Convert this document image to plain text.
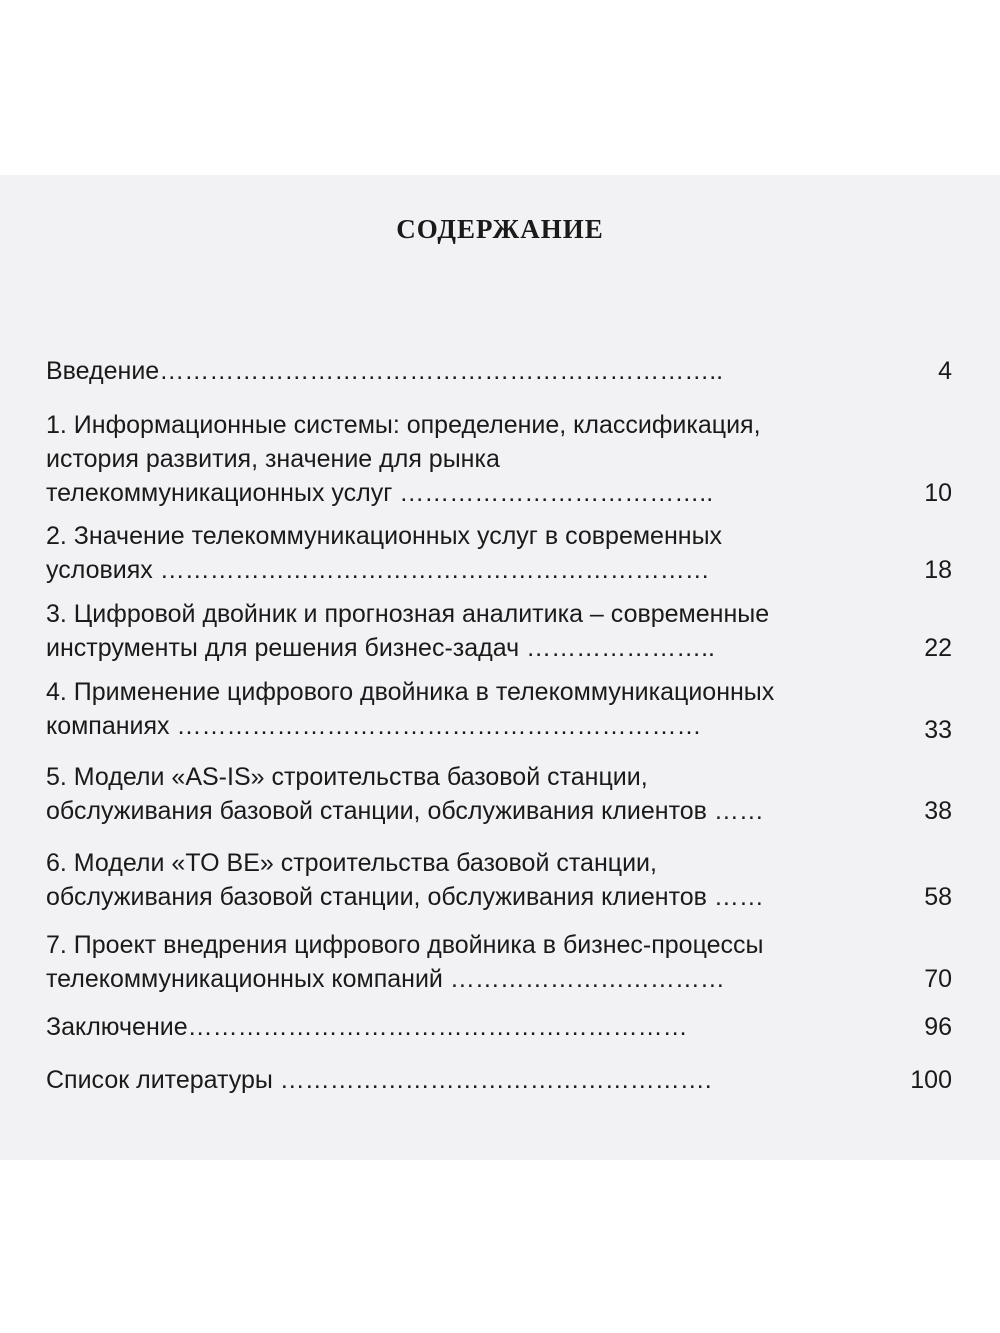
СОДЕРЖАНИЕ
Введение…………………………………………………………..	4
1. Информационные системы: определение, классификация,
история развития, значение для рынка
телекоммуникационных услуг ………………………………..	10
2. Значение телекоммуникационных услуг в современных
условиях …………………………………………………………	18
3. Цифровой двойник и прогнозная аналитика – современные
инструменты для решения бизнес-задач …………………..	22
4. Применение цифрового двойника в телекоммуникационных
компаниях ………………………………………………………	33
5. Модели «AS-IS» строительства базовой станции,
обслуживания базовой станции, обслуживания клиентов ……	38
6. Модели «TO BE» строительства базовой станции,
обслуживания базовой станции, обслуживания клиентов ……	58
7. Проект внедрения цифрового двойника в бизнес-процессы
телекоммуникационных компаний ……………………………	70
Заключение……………………………………………………	96
Список литературы …………………………………………….	100
